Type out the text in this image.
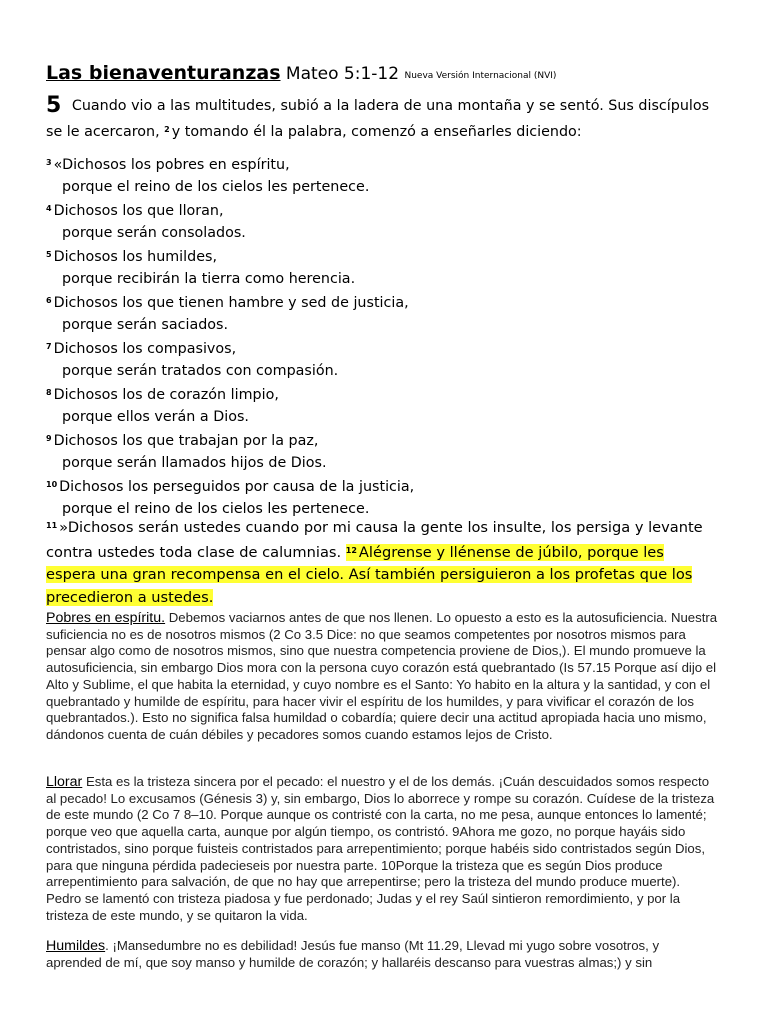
Las bienaventuranzas Mateo 5:1-12 Nueva Versión Internacional (NVI)
5 Cuando vio a las multitudes, subió a la ladera de una montaña y se sentó. Sus discípulos se le acercaron, $^2$ y tomando él la palabra, comenzó a enseñarles diciendo:
$^3$ «Dichosos los pobres en espíritu,
porque el reino de los cielos les pertenece.
$^4$ Dichosos los que lloran,
porque serán consolados.
$^5$ Dichosos los humildes,
porque recibirán la tierra como herencia.
$^6$ Dichosos los que tienen hambre y sed de justicia,
porque serán saciados.
$^7$ Dichosos los compasivos,
porque serán tratados con compasión.
$^8$ Dichosos los de corazón limpio,
porque ellos verán a Dios.
$^9$ Dichosos los que trabajan por la paz,
porque serán llamados hijos de Dios.
$^{10}$ Dichosos los perseguidos por causa de la justicia,
porque el reino de los cielos les pertenece.
$^{11}$ »Dichosos serán ustedes cuando por mi causa la gente los insulte, los persiga y levante contra ustedes toda clase de calumnias. $^{12}$ Alégrense y llénense de júbilo, porque les espera una gran recompensa en el cielo. Así también persiguieron a los profetas que los precedieron a ustedes.
Pobres en espíritu. Debemos vaciarnos antes de que nos llenen. Lo opuesto a esto es la autosuficiencia. Nuestra suficiencia no es de nosotros mismos (2 Co 3.5 Dice: no que seamos competentes por nosotros mismos para pensar algo como de nosotros mismos, sino que nuestra competencia proviene de Dios,). El mundo promueve la autosuficiencia, sin embargo Dios mora con la persona cuyo corazón está quebrantado (Is 57.15 Porque así dijo el Alto y Sublime, el que habita la eternidad, y cuyo nombre es el Santo: Yo habito en la altura y la santidad, y con el quebrantado y humilde de espíritu, para hacer vivir el espíritu de los humildes, y para vivificar el corazón de los quebrantados.). Esto no significa falsa humildad o cobardía; quiere decir una actitud apropiada hacia uno mismo, dándonos cuenta de cuán débiles y pecadores somos cuando estamos lejos de Cristo.
Llorar Esta es la tristeza sincera por el pecado: el nuestro y el de los demás. ¡Cuán descuidados somos respecto al pecado! Lo excusamos (Génesis 3) y, sin embargo, Dios lo aborrece y rompe su corazón. Cuídese de la tristeza de este mundo (2 Co 7 8–10. Porque aunque os contristé con la carta, no me pesa, aunque entonces lo lamenté; porque veo que aquella carta, aunque por algún tiempo, os contristó. 9Ahora me gozo, no porque hayáis sido contristados, sino porque fuisteis contristados para arrepentimiento; porque habéis sido contristados según Dios, para que ninguna pérdida padecieseis por nuestra parte. 10Porque la tristeza que es según Dios produce arrepentimiento para salvación, de que no hay que arrepentirse; pero la tristeza del mundo produce muerte). Pedro se lamentó con tristeza piadosa y fue perdonado; Judas y el rey Saúl sintieron remordimiento, y por la tristeza de este mundo, y se quitaron la vida.
Humildes. ¡Mansedumbre no es debilidad! Jesús fue manso (Mt 11.29, Llevad mi yugo sobre vosotros, y aprended de mí, que soy manso y humilde de corazón; y hallaréis descanso para vuestras almas;) y sin
